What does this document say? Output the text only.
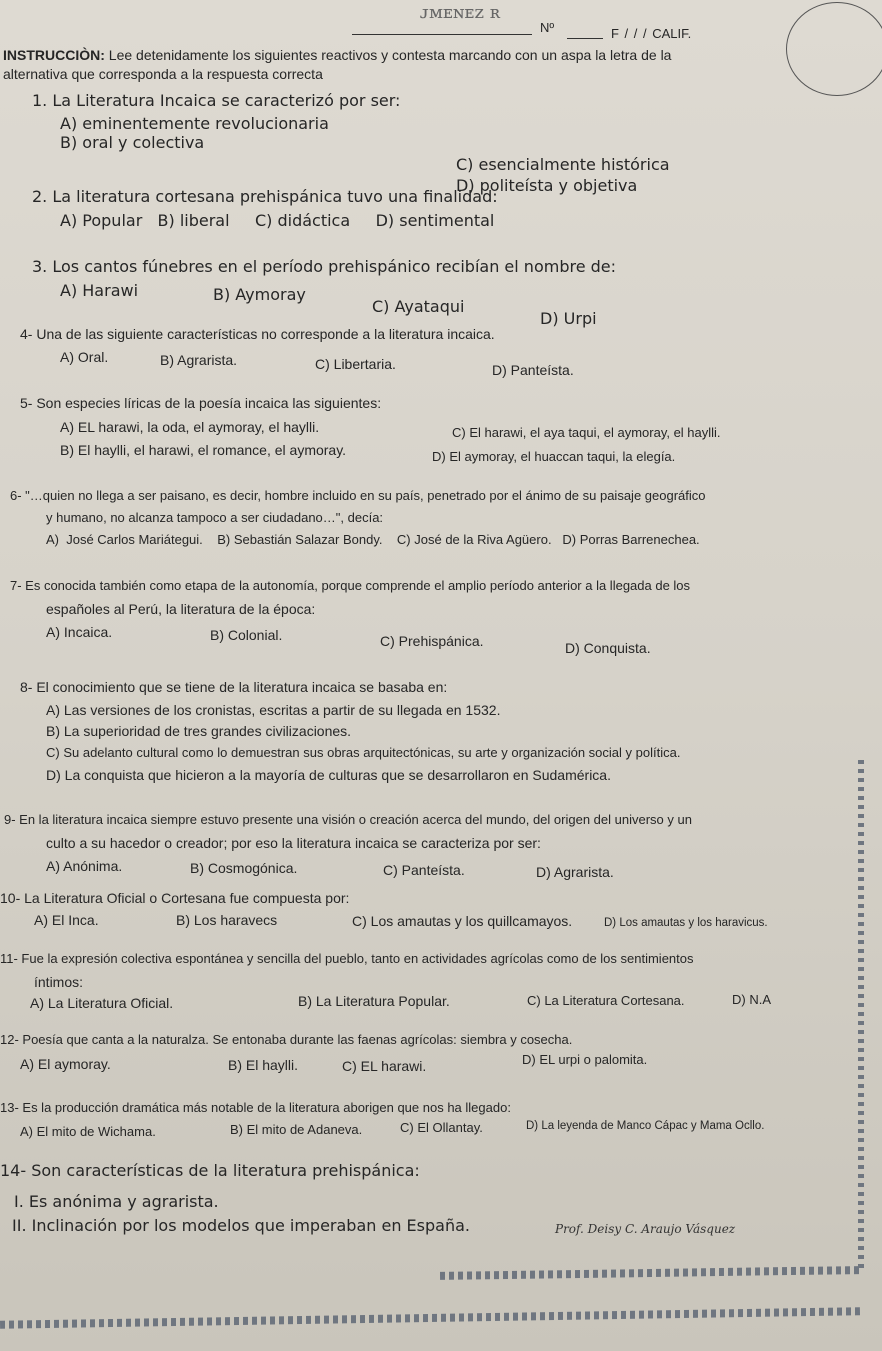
ᴊᴍᴇɴᴇz ʀ
Nº	F / / / CALIF.
INSTRUCCIÒN: Lee detenidamente los siguientes reactivos y contesta marcando con un aspa la letra de la
alternativa que corresponda a la respuesta correcta
1. La Literatura Incaica se caracterizó por ser:
A) eminentemente revolucionaria
B) oral y colectiva
C) esencialmente histórica
D) politeísta y objetiva
2. La literatura cortesana prehispánica tuvo una finalidad:
A) Popular   B) liberal     C) didáctica     D) sentimental
3. Los cantos fúnebres en el período prehispánico recibían el nombre de:
A) Harawi	B) Aymoray
C) Ayataqui
D) Urpi
4- Una de las siguiente características no corresponde a la literatura incaica.
A) Oral.	B) Agrarista.	C) Libertaria.	D) Panteísta.
5- Son especies líricas de la poesía incaica las siguientes:
A) EL harawi, la oda, el aymoray, el haylli.	C) El harawi, el aya taqui, el aymoray, el haylli.
B) El haylli, el harawi, el romance, el aymoray.	D) El aymoray, el huaccan taqui, la elegía.
6- "…quien no llega a ser paisano, es decir, hombre incluido en su país, penetrado por el ánimo de su paisaje geográfico
y humano, no alcanza tampoco a ser ciudadano…", decía:
A)  José Carlos Mariátegui.    B) Sebastián Salazar Bondy.    C) José de la Riva Agüero.   D) Porras Barrenechea.
7- Es conocida también como etapa de la autonomía, porque comprende el amplio período anterior a la llegada de los
españoles al Perú, la literatura de la época:
A) Incaica.	B) Colonial.	C) Prehispánica.	D) Conquista.
8- El conocimiento que se tiene de la literatura incaica se basaba en:
A) Las versiones de los cronistas, escritas a partir de su llegada en 1532.
B) La superioridad de tres grandes civilizaciones.
C) Su adelanto cultural como lo demuestran sus obras arquitectónicas, su arte y organización social y política.
D) La conquista que hicieron a la mayoría de culturas que se desarrollaron en Sudamérica.
9- En la literatura incaica siempre estuvo presente una visión o creación acerca del mundo, del origen del universo y un
culto a su hacedor o creador; por eso la literatura incaica se caracteriza por ser:
A) Anónima.	B) Cosmogónica.	C) Panteísta.	D) Agrarista.
10- La Literatura Oficial o Cortesana fue compuesta por:
A) El Inca.	B) Los haravecs	C) Los amautas y los quillcamayos.	D) Los amautas y los haravicus.
11- Fue la expresión colectiva espontánea y sencilla del pueblo, tanto en actividades agrícolas como de los sentimientos
íntimos:
A) La Literatura Oficial.	B) La Literatura Popular.	C) La Literatura Cortesana.	D) N.A
12- Poesía que canta a la naturalza. Se entonaba durante las faenas agrícolas: siembra y cosecha.
A) El aymoray.	B) El haylli.	C) EL harawi.	D) EL urpi o palomita.
13- Es la producción dramática más notable de la literatura aborigen que nos ha llegado:
A) El mito de Wichama.	B) El mito de Adaneva.	C) El Ollantay.	D) La leyenda de Manco Cápac y Mama Ocllo.
14- Son características de la literatura prehispánica:
I. Es anónima y agrarista.
II. Inclinación por los modelos que imperaban en España.	Prof. Deisy C. Araujo Vásquez
